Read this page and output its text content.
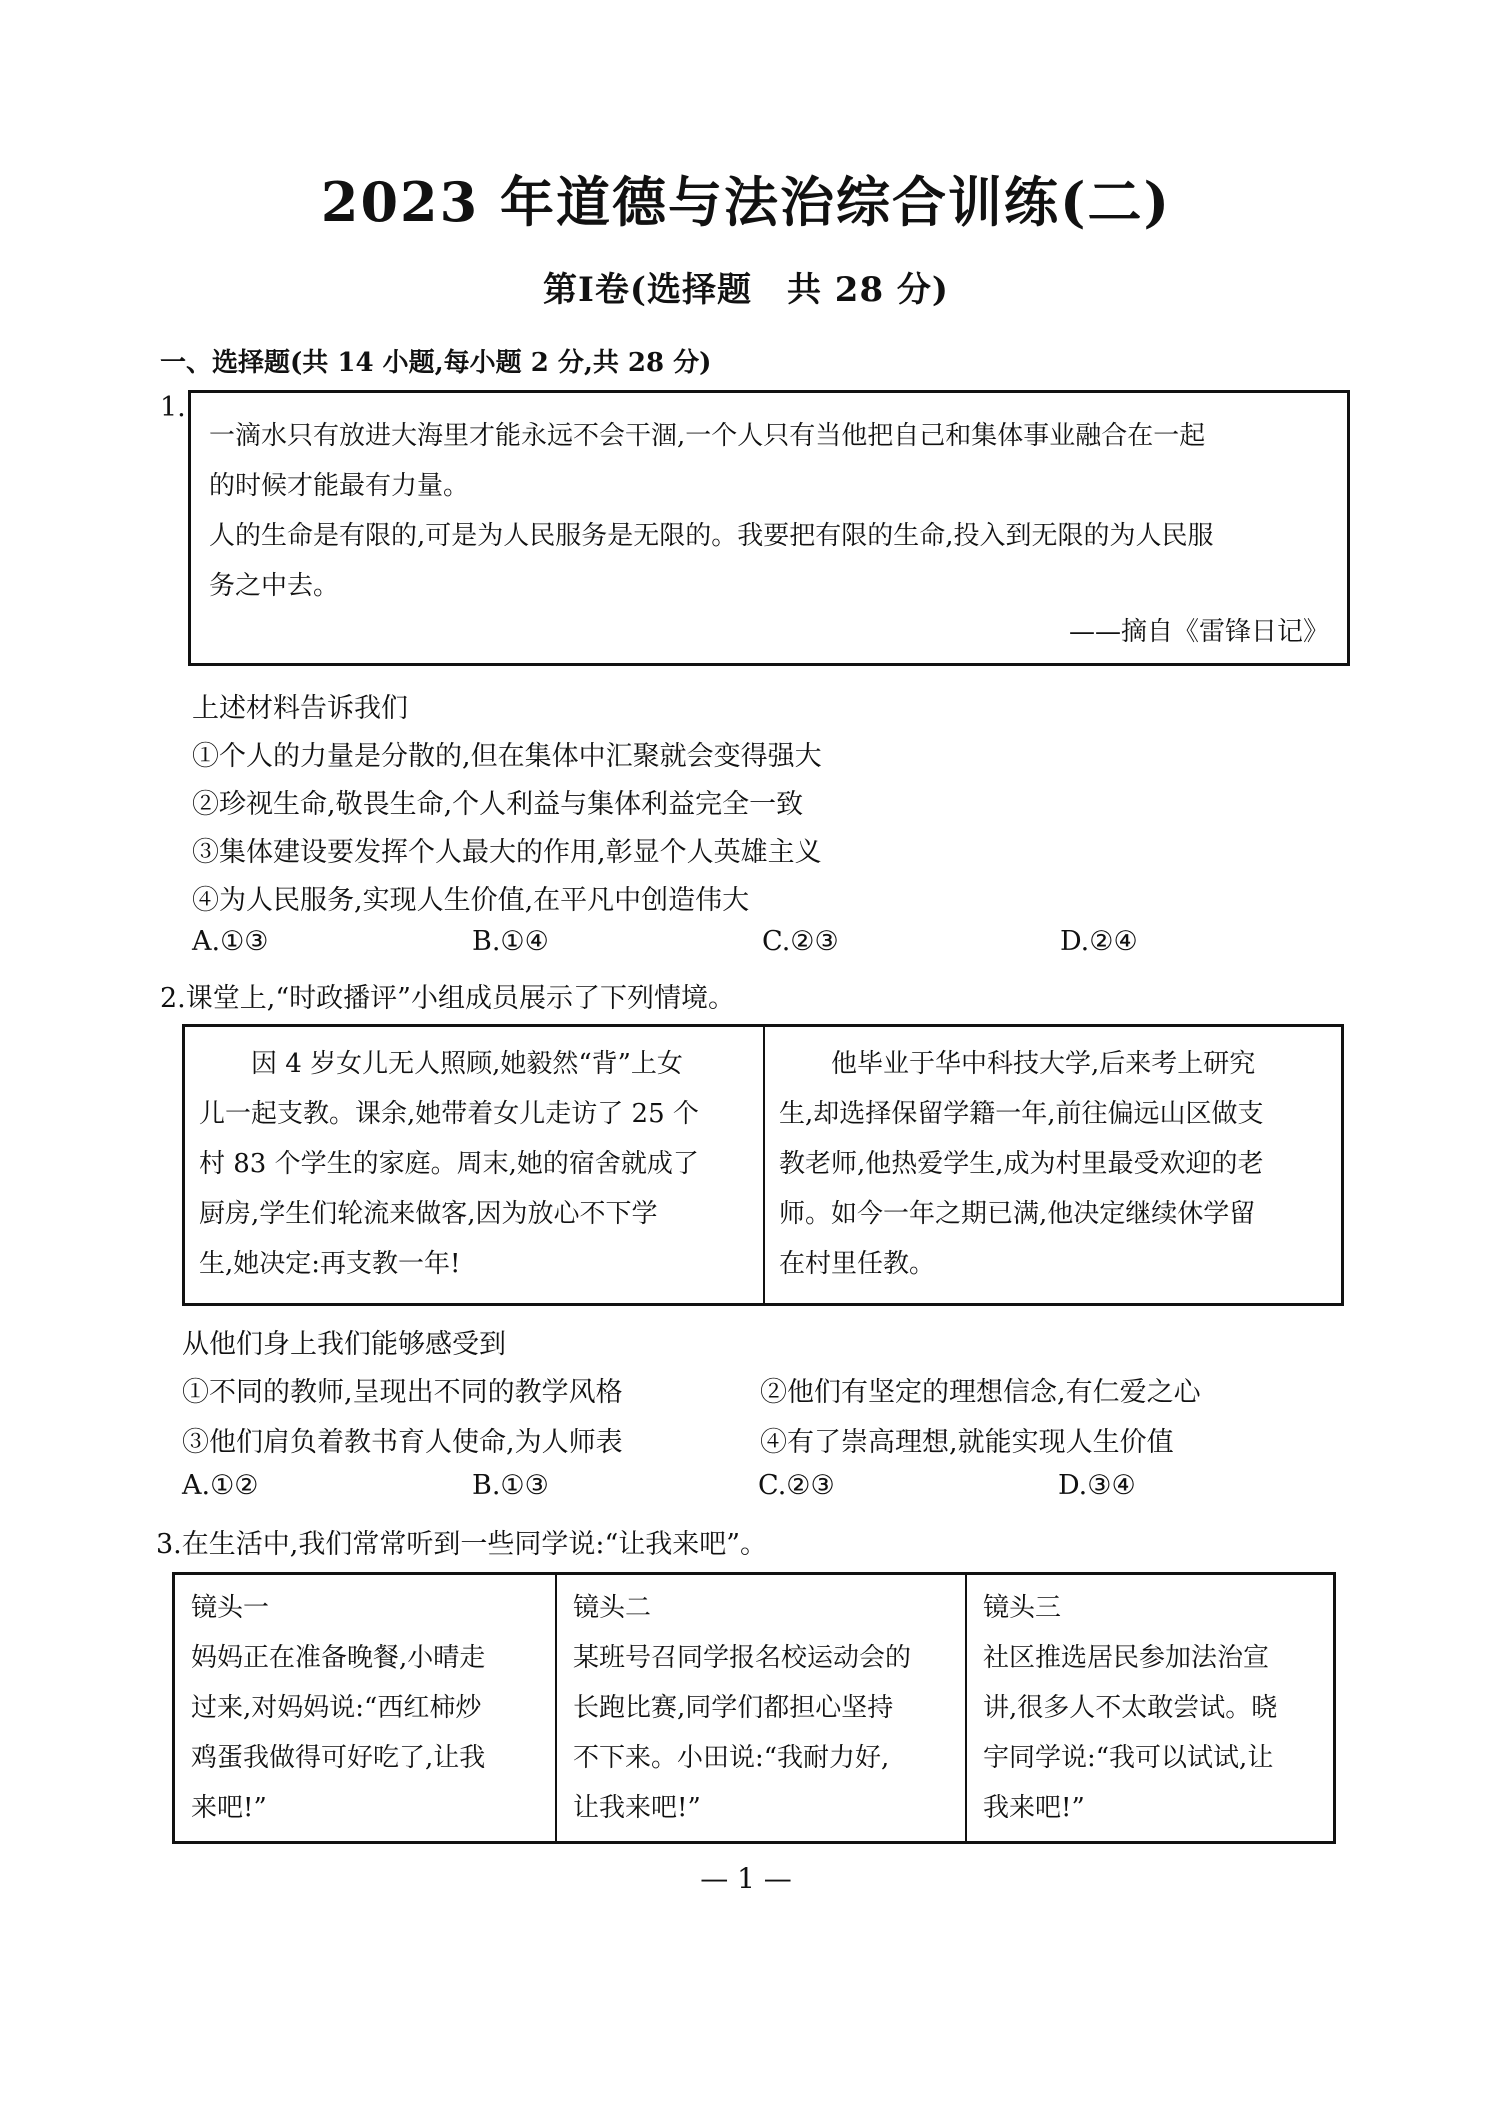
2023 年道德与法治综合训练(二)
第Ⅰ卷(选择题　共 28 分)
一、选择题(共 14 小题,每小题 2 分,共 28 分)
1.
一滴水只有放进大海里才能永远不会干涸,一个人只有当他把自己和集体事业融合在一起
的时候才能最有力量。
人的生命是有限的,可是为人民服务是无限的。我要把有限的生命,投入到无限的为人民服
务之中去。
——摘自《雷锋日记》
上述材料告诉我们
①个人的力量是分散的,但在集体中汇聚就会变得强大
②珍视生命,敬畏生命,个人利益与集体利益完全一致
③集体建设要发挥个人最大的作用,彰显个人英雄主义
④为人民服务,实现人生价值,在平凡中创造伟大
A.①③	B.①④	C.②③	D.②④
2.课堂上,“时政播评”小组成员展示了下列情境。
　　因 4 岁女儿无人照顾,她毅然“背”上女
儿一起支教。课余,她带着女儿走访了 25 个
村 83 个学生的家庭。周末,她的宿舍就成了
厨房,学生们轮流来做客,因为放心不下学
生,她决定:再支教一年!
　　他毕业于华中科技大学,后来考上研究
生,却选择保留学籍一年,前往偏远山区做支
教老师,他热爱学生,成为村里最受欢迎的老
师。如今一年之期已满,他决定继续休学留
在村里任教。
从他们身上我们能够感受到
①不同的教师,呈现出不同的教学风格	②他们有坚定的理想信念,有仁爱之心
③他们肩负着教书育人使命,为人师表	④有了崇高理想,就能实现人生价值
A.①②	B.①③	C.②③	D.③④
3.在生活中,我们常常听到一些同学说:“让我来吧”。
镜头一
妈妈正在准备晚餐,小晴走
过来,对妈妈说:“西红柿炒
鸡蛋我做得可好吃了,让我
来吧!”
镜头二
某班号召同学报名校运动会的
长跑比赛,同学们都担心坚持
不下来。小田说:“我耐力好,
让我来吧!”
镜头三
社区推选居民参加法治宣
讲,很多人不太敢尝试。晓
宇同学说:“我可以试试,让
我来吧!”
— 1 —
